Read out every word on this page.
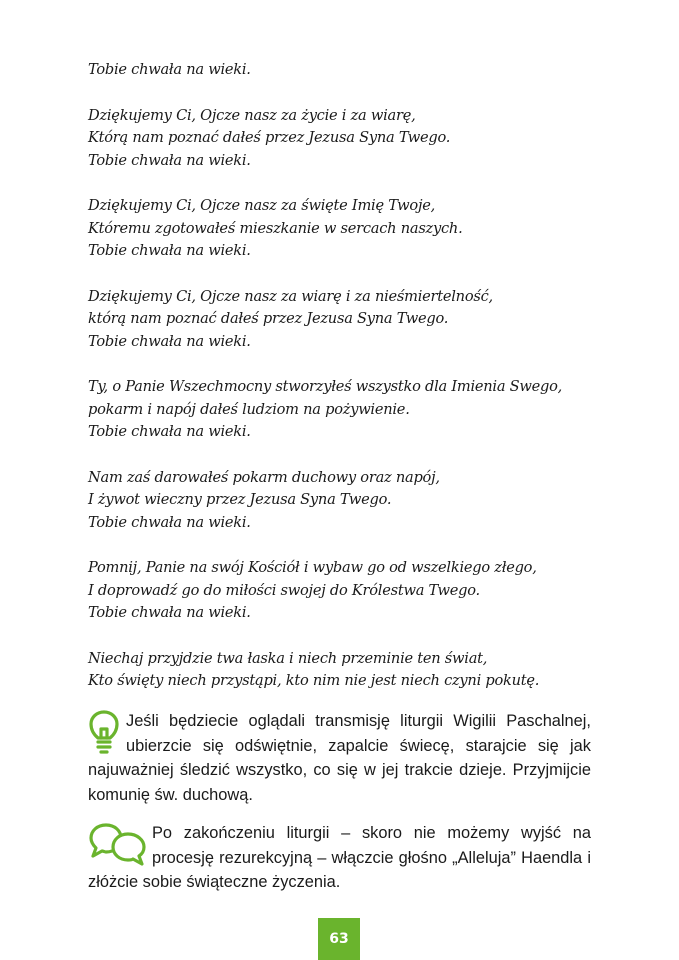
Tobie chwała na wieki.
Dziękujemy Ci, Ojcze nasz za życie i za wiarę,
Którą nam poznać dałeś przez Jezusa Syna Twego.
Tobie chwała na wieki.
Dziękujemy Ci, Ojcze nasz za święte Imię Twoje,
Któremu zgotowałeś mieszkanie w sercach naszych.
Tobie chwała na wieki.
Dziękujemy Ci, Ojcze nasz za wiarę i za nieśmiertelność,
którą nam poznać dałeś przez Jezusa Syna Twego.
Tobie chwała na wieki.
Ty, o Panie Wszechmocny stworzyłeś wszystko dla Imienia Swego,
pokarm i napój dałeś ludziom na pożywienie.
Tobie chwała na wieki.
Nam zaś darowałeś pokarm duchowy oraz napój,
I żywot wieczny przez Jezusa Syna Twego.
Tobie chwała na wieki.
Pomnij, Panie na swój Kościół i wybaw go od wszelkiego złego,
I doprowadź go do miłości swojej do Królestwa Twego.
Tobie chwała na wieki.
Niechaj przyjdzie twa łaska i niech przeminie ten świat,
Kto święty niech przystąpi, kto nim nie jest niech czyni pokutę.
Jeśli będziecie oglądali transmisję liturgii Wigilii Paschalnej, ubierzcie się odświętnie, zapalcie świecę, starajcie się jak najuważniej śledzić wszystko, co się w jej trakcie dzieje. Przyjmijcie komunię św. duchową.
Po zakończeniu liturgii – skoro nie możemy wyjść na procesję rezurekcyjną – włączcie głośno „Alleluja” Haendla i złóżcie sobie świąteczne życzenia.
63
